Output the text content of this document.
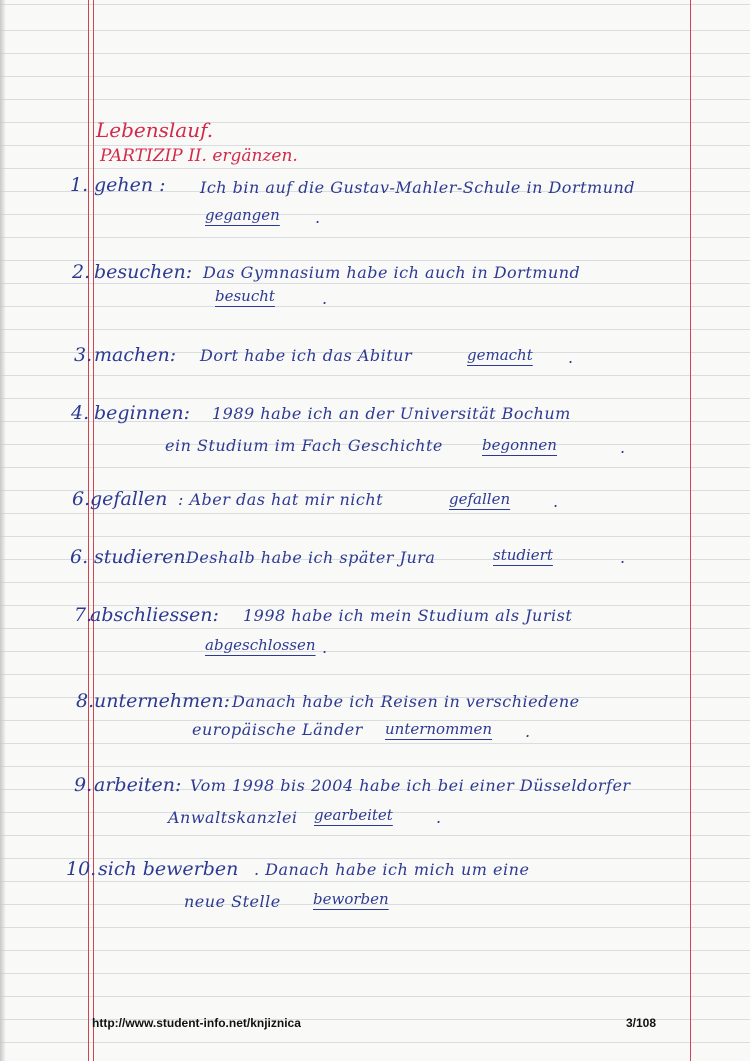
Lebenslauf.
PARTIZIP II. ergänzen.
1. gehen : Ich bin auf die Gustav-Mahler-Schule in Dortmund
gegangen	.
2. besuchen: Das Gymnasium habe ich auch in Dortmund
besucht	.
3. machen: Dort habe ich das Abitur	gemacht .
4. beginnen: 1989 habe ich an der Universität Bochum
ein Studium im Fach Geschichte	begonnen	.
6. gefallen : Aber das hat mir nicht	gefallen	.
6. studieren Deshalb habe ich später Jura	studiert	.
7.
abschliessen: 1998 habe ich mein Studium als Jurist
abgeschlossen .
8. unternehmen: Danach habe ich Reisen in verschiedene
europäische Länder unternommen .
9. arbeiten: Vom 1998 bis 2004 habe ich bei einer Düsseldorfer
Anwaltskanzlei gearbeitet	.
10. sich bewerben . Danach habe ich mich um eine
neue Stelle beworben
http://www.student-info.net/knjiznica	3/108
